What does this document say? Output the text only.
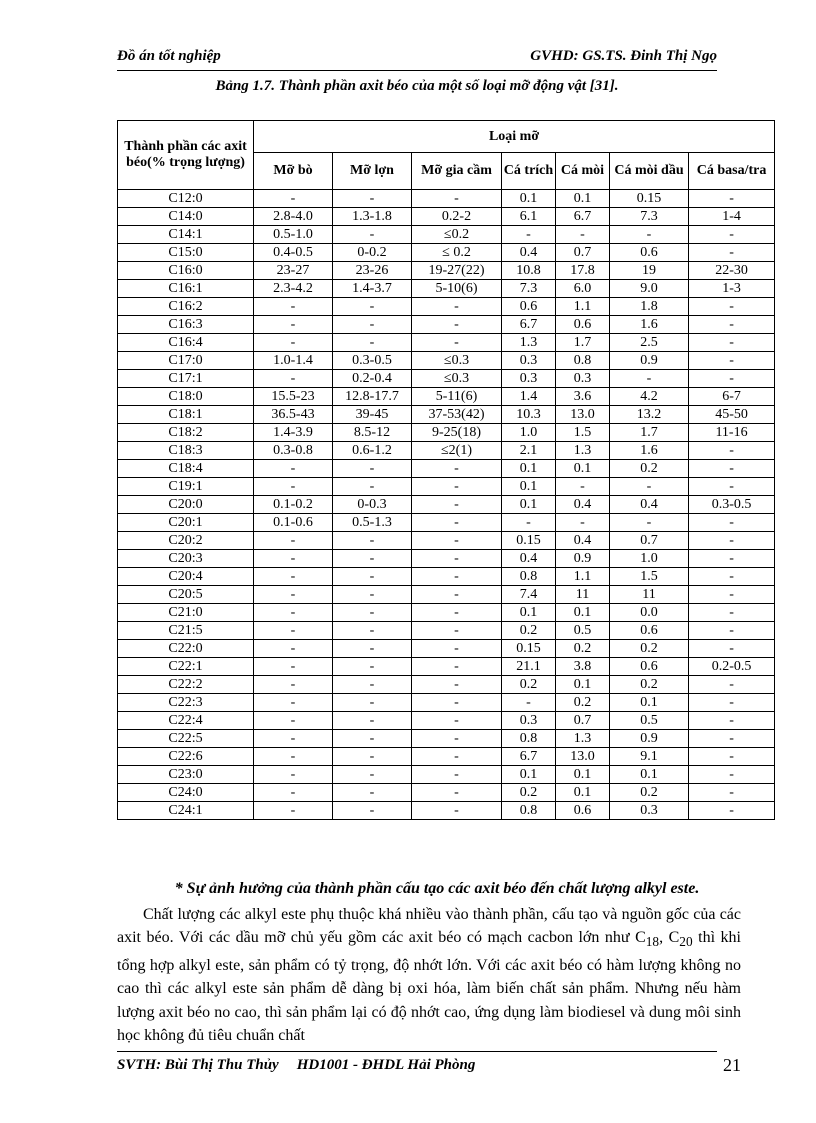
Đồ án tốt nghiệp	GVHD: GS.TS. Đinh Thị Ngọ
Bảng 1.7. Thành phần axit béo của một số loại mỡ động vật [31].
Thành phần các axit béo(% trọng lượng)	Loại mỡ						
	Mỡ bò	Mỡ lợn	Mỡ gia cầm	Cá trích	Cá mòi	Cá mòi dầu	Cá basa/tra
C12:0	-	-	-	0.1	0.1	0.15	-
C14:0	2.8-4.0	1.3-1.8	0.2-2	6.1	6.7	7.3	1-4
C14:1	0.5-1.0	-	≤0.2	-	-	-	-
C15:0	0.4-0.5	0-0.2	≤ 0.2	0.4	0.7	0.6	-
C16:0	23-27	23-26	19-27(22)	10.8	17.8	19	22-30
C16:1	2.3-4.2	1.4-3.7	5-10(6)	7.3	6.0	9.0	1-3
C16:2	-	-	-	0.6	1.1	1.8	-
C16:3	-	-	-	6.7	0.6	1.6	-
C16:4	-	-	-	1.3	1.7	2.5	-
C17:0	1.0-1.4	0.3-0.5	≤0.3	0.3	0.8	0.9	-
C17:1	-	0.2-0.4	≤0.3	0.3	0.3	-	-
C18:0	15.5-23	12.8-17.7	5-11(6)	1.4	3.6	4.2	6-7
C18:1	36.5-43	39-45	37-53(42)	10.3	13.0	13.2	45-50
C18:2	1.4-3.9	8.5-12	9-25(18)	1.0	1.5	1.7	11-16
C18:3	0.3-0.8	0.6-1.2	≤2(1)	2.1	1.3	1.6	-
C18:4	-	-	-	0.1	0.1	0.2	-
C19:1	-	-	-	0.1	-	-	-
C20:0	0.1-0.2	0-0.3	-	0.1	0.4	0.4	0.3-0.5
C20:1	0.1-0.6	0.5-1.3	-	-	-	-	-
C20:2	-	-	-	0.15	0.4	0.7	-
C20:3	-	-	-	0.4	0.9	1.0	-
C20:4	-	-	-	0.8	1.1	1.5	-
C20:5	-	-	-	7.4	11	11	-
C21:0	-	-	-	0.1	0.1	0.0	-
C21:5	-	-	-	0.2	0.5	0.6	-
C22:0	-	-	-	0.15	0.2	0.2	-
C22:1	-	-	-	21.1	3.8	0.6	0.2-0.5
C22:2	-	-	-	0.2	0.1	0.2	-
C22:3	-	-	-	-	0.2	0.1	-
C22:4	-	-	-	0.3	0.7	0.5	-
C22:5	-	-	-	0.8	1.3	0.9	-
C22:6	-	-	-	6.7	13.0	9.1	-
C23:0	-	-	-	0.1	0.1	0.1	-
C24:0	-	-	-	0.2	0.1	0.2	-
C24:1	-	-	-	0.8	0.6	0.3	-
* Sự ảnh hưởng của thành phần cấu tạo các axit béo đến chất lượng alkyl este.
Chất lượng các alkyl este phụ thuộc khá nhiều vào thành phần, cấu tạo và nguồn gốc của các axit béo. Với các dầu mỡ chủ yếu gồm các axit béo có mạch cacbon lớn như $C_{18}$, $C_{20}$ thì khi tổng hợp alkyl este, sản phẩm có tỷ trọng, độ nhớt lớn. Với các axit béo có hàm lượng không no cao thì các alkyl este sản phẩm dễ dàng bị oxi hóa, làm biến chất sản phẩm. Nhưng nếu hàm lượng axit béo no cao, thì sản phẩm lại có độ nhớt cao, ứng dụng làm biodiesel và dung môi sinh học không đủ tiêu chuẩn chất
SVTH: Bùi Thị Thu Thủy HD1001 - ĐHDL Hải Phòng	21
